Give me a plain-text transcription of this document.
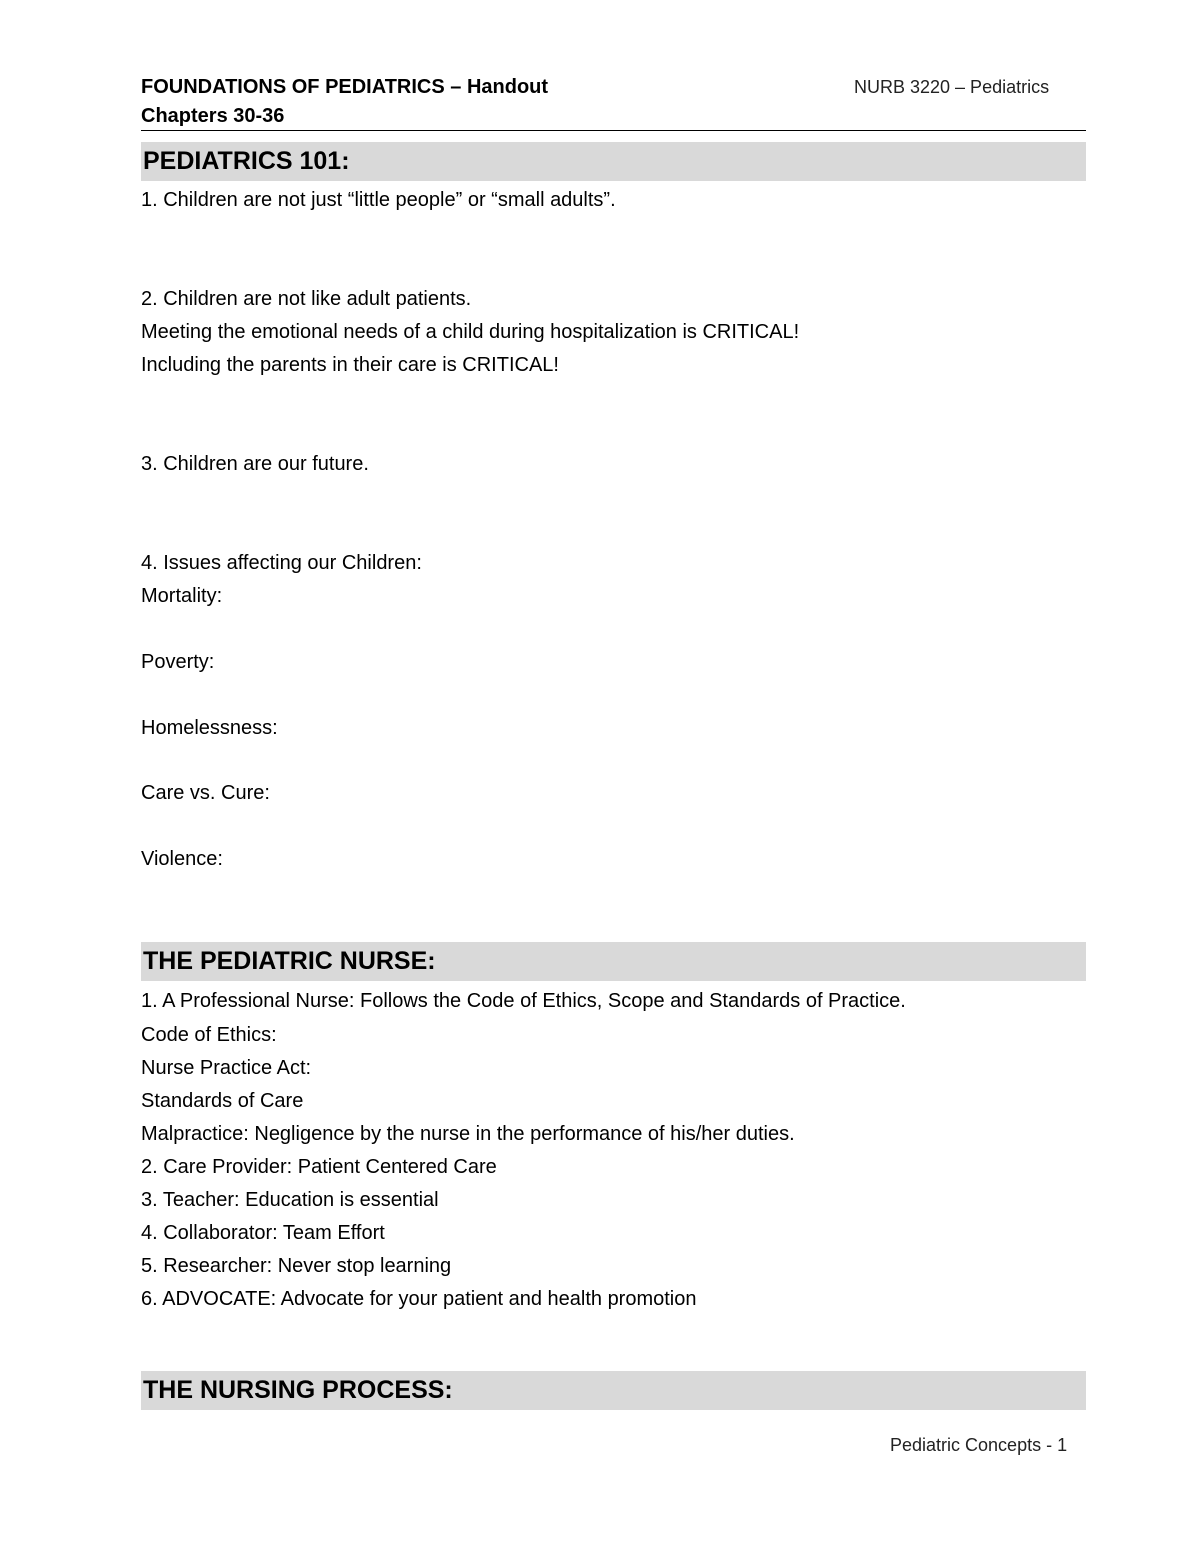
FOUNDATIONS OF PEDIATRICS – Handout
Chapters 30-36
NURB 3220 – Pediatrics
PEDIATRICS 101:
1. Children are not just “little people” or “small adults”.
2. Children are not like adult patients.
Meeting the emotional needs of a child during hospitalization is CRITICAL!
Including the parents in their care is CRITICAL!
3. Children are our future.
4. Issues affecting our Children:
Mortality:
Poverty:
Homelessness:
Care vs. Cure:
Violence:
THE PEDIATRIC NURSE:
1. A Professional Nurse: Follows the Code of Ethics, Scope and Standards of Practice.
Code of Ethics:
Nurse Practice Act:
Standards of Care
Malpractice: Negligence by the nurse in the performance of his/her duties.
2. Care Provider: Patient Centered Care
3. Teacher: Education is essential
4. Collaborator: Team Effort
5. Researcher: Never stop learning
6. ADVOCATE: Advocate for your patient and health promotion
THE NURSING PROCESS:
Pediatric Concepts - 1
